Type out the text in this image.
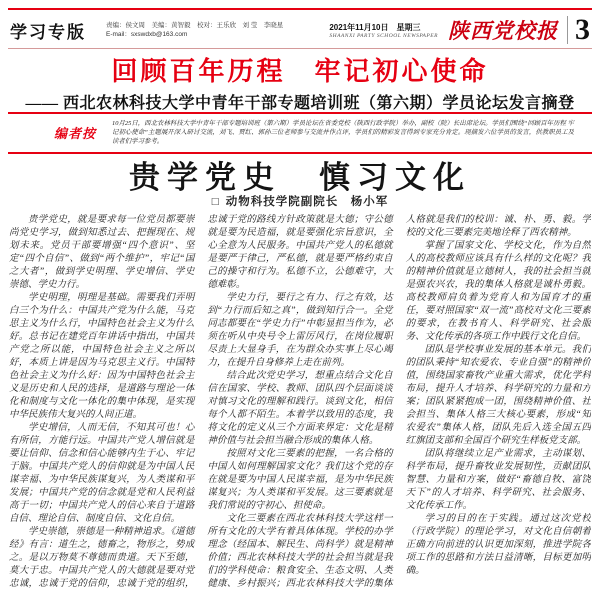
学习专版	责编：侯文周　美编：黄智毅　校对：王乐欣　刘 莹　李晓星
E-mail：sxswdxb@163.com
2021年11月10日　星期三
SHAANXI PARTY SCHOOL NEWSPAPER 陕西党校报 3
回顾百年历程　牢记初心使命
—— 西北农林科技大学中青年干部专题培训班（第六期）学员论坛发言摘登
编者按

10月25日，西北农林科技大学中青年干部专题培训班（第六期）学员论坛在省委党校（陕西行政学院）举办，副校（院）长出席论坛。学员们围绕“回顾百年历程 牢记初心使命”主题展开深入研讨交流，刘飞、贾红、郭孙三位老师参与交流并作点评，学员们的精彩发言得到专家充分肯定。现摘发六位学员的发言，供教职员工及读者们学习参考。

贵学党史　慎习文化
□ 动物科技学院副院长　杨小军

贵学党史，就是要求每一位党员都要崇尚党史学习，做到知悉过去、把握现在、规划未来。党员干部要增强“四个意识”、坚定“四个自信”、做到“两个维护”，牢记“国之大者”，做到学史明理、学史增信、学史崇德、学史力行。

学史明理，明理是基础。需要我们弄明白三个为什么：中国共产党为什么能，马克思主义为什么行，中国特色社会主义为什么好。总书记在建党百年讲话中指出，中国共产党之所以能，中国特色社会主义之所以好，本质上讲是因为马克思主义行。中国特色社会主义为什么好：因为中国特色社会主义是历史和人民的选择，是道路与理论一体化和制度与文化一体化的集中体现，是实现中华民族伟大复兴的人间正道。

学史增信，人而无信，不知其可也！心有所信，方能行远。中国共产党人增信就是要让信仰、信念和信心能够内生于心、牢记于脑。中国共产党人的信仰就是为中国人民谋幸福、为中华民族谋复兴，为人类谋和平发展；中国共产党的信念就是党和人民利益高于一切；中国共产党人的信心来自于道路自信、理论自信、制度自信、文化自信。

学史崇德，崇德是一种精神追求。《道德经》有言：道生之，德畜之，物形之，势成之。是以万物莫不尊德而贵道。天下至德，莫大于忠。中国共产党人的大德就是要对党忠诚，忠诚于党的信仰，忠诚于党的组织，忠诚于党的路线方针政策就是大德；守公德就是要为民造福，就是要强化宗旨意识，全心全意为人民服务。中国共产党人的私德就是要严于律己，严私德，就是要严格约束自己的操守和行为。私德不立，公德难守，大德难彰。

学史力行，要行之有力、行之有效，达到“力行而后知之真”，做到知行合一。全党同志都要在“学史力行”中彰显担当作为，必须在听从中央号令上雷厉风行，在岗位履职尽责上大显身手，在为群众办实事上尽心竭力，在提升自身修养上走在前列。

结合此次党史学习，想重点结合文化自信在国家、学校、教师、团队四个层面谈谈对慎习文化的理解和践行。谈到文化，相信每个人都不陌生。本着学以致用的态度，我将文化的定义从三个方面来界定：文化是精神价值与社会担当融合形成的集体人格。

按照对文化三要素的把握，一名合格的中国人如何理解国家文化？我们这个党的存在就是要为中国人民谋幸福，是为中华民族谋复兴；为人类谋和平发展。这三要素就是我们常说的守初心、担使命。

文化三要素在西北农林科技大学这样一所有文化的大学有着具体体现。学校的办学理念（经国本、解民生、尚科学）就是精神价值；西北农林科技大学的社会担当就是我们的学科使命：粮食安全、生态文明、人类健康、乡村振兴；西北农林科技大学的集体人格就是我们的校训：诚、朴、勇、毅。学校的文化三要素完美地诠释了西农精神。

掌握了国家文化、学校文化，作为自然人的高校教师应该具有什么样的文化呢？我的精神价值就是立德树人，我的社会担当就是强农兴农，我的集体人格就是诚朴勇毅。高校教师肩负着为党育人和为国育才的重任，要对照国家“双一流”高校对文化三要素的要求，在教书育人、科学研究、社会服务、文化传承的各项工作中践行文化自信。

团队是学校事业发展的基本单元。我们的团队秉持“知农爱农、专业自强”的精神价值，围绕国家畜牧产业重大需求，优化学科布局，提升人才培养、科学研究的力量和方案；团队紧紧抱成一团，围绕精神价值、社会担当、集体人格三大核心要素，形成“知农爱农”集体人格，团队先后入选全国五四红旗团支部和全国百个研究生样板党支部。

团队将继续立足产业需求，主动谋划、科学布局，提升畜牧业发展韧性，贡献团队智慧、力量和方案，做好“畜德自牧、富饶天下”的人才培养、科学研究、社会服务、文化传承工作。

学习的目的在于实践。通过这次党校（行政学院）的理论学习，对文化自信朝着正确方向前进的认识更加深刻，推进学院各项工作的思路和方法日益清晰，目标更加明确。
